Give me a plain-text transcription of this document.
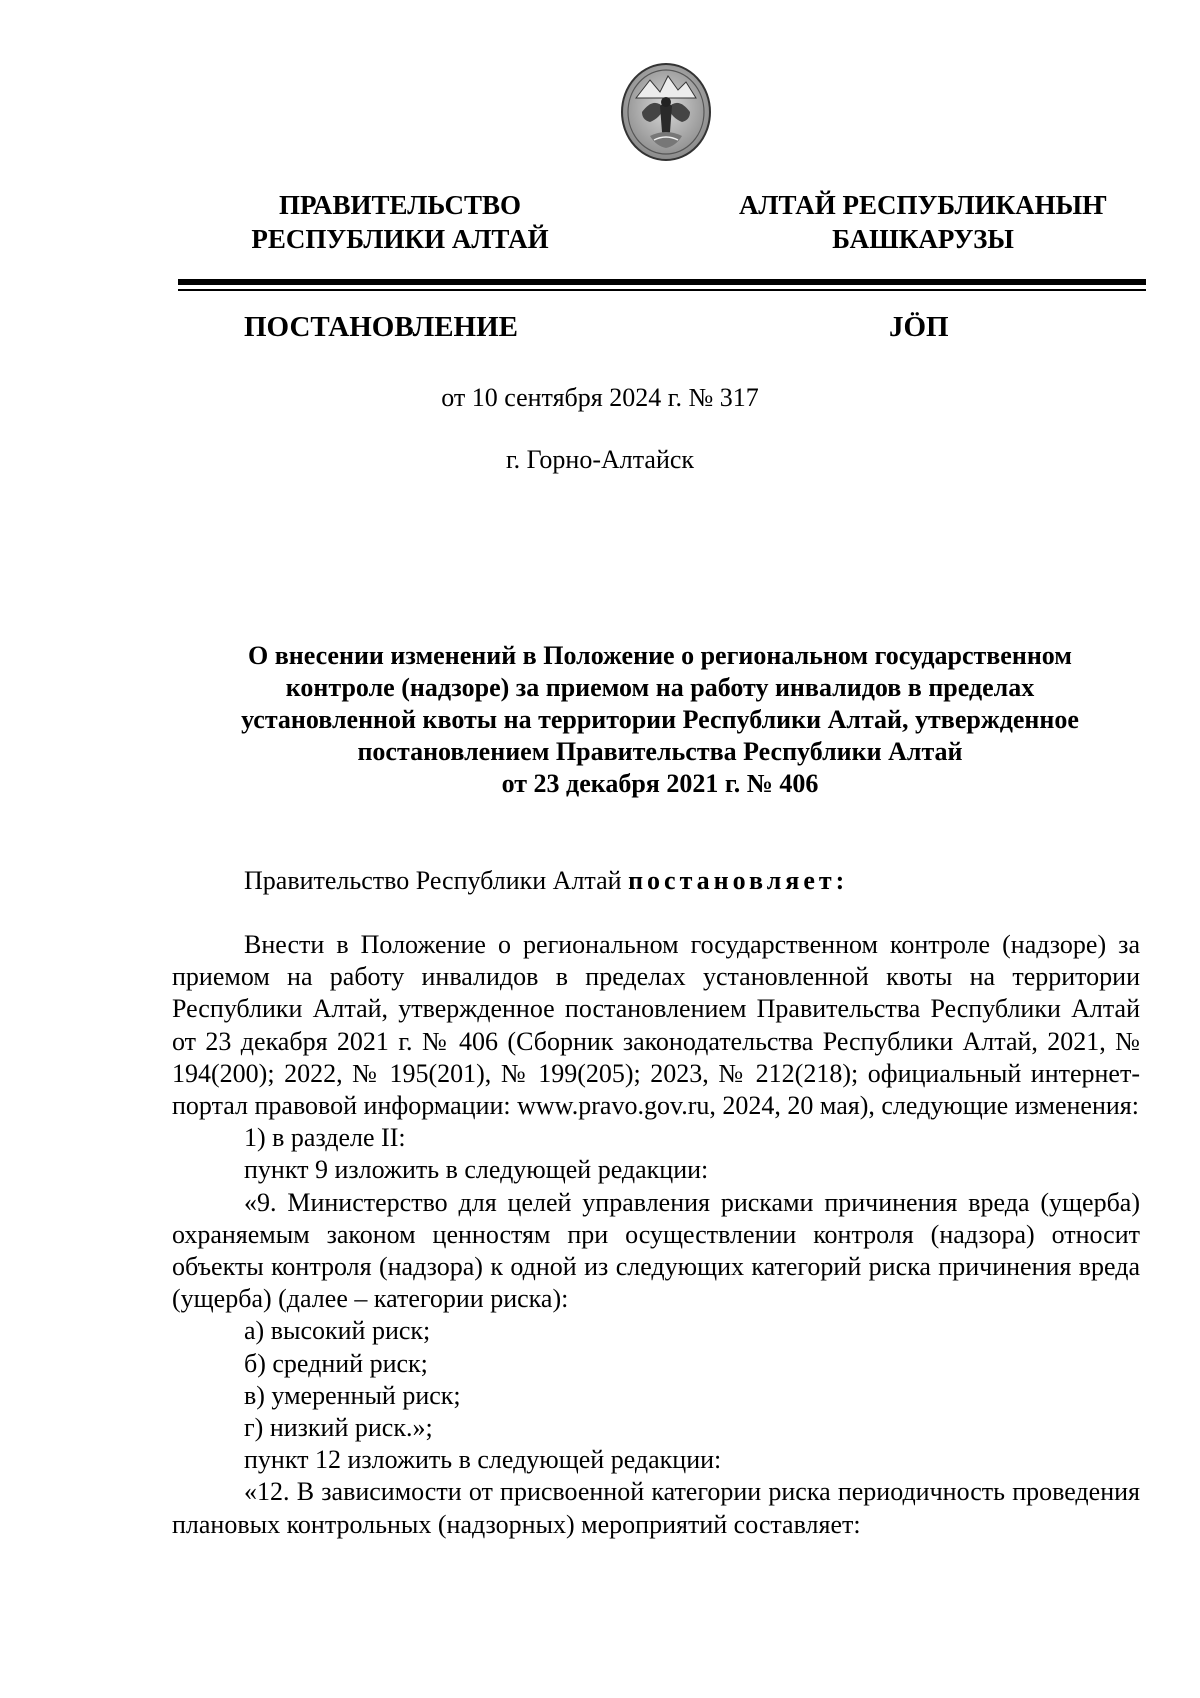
ПРАВИТЕЛЬСТВО
РЕСПУБЛИКИ АЛТАЙ
АЛТАЙ РЕСПУБЛИКАНЫҤ
БАШКАРУЗЫ
ПОСТАНОВЛЕНИЕ	JӦП
от 10 сентября 2024 г. № 317
г. Горно-Алтайск
О внесении изменений в Положение о региональном государственном
контроле (надзоре) за приемом на работу инвалидов в пределах
установленной квоты на территории Республики Алтай, утвержденное
постановлением Правительства Республики Алтай
от 23 декабря 2021 г. № 406
Правительство Республики Алтай постановляет:

Внести в Положение о региональном государственном контроле (надзоре) за приемом на работу инвалидов в пределах установленной квоты на территории Республики Алтай, утвержденное постановлением Правительства Республики Алтай от 23 декабря 2021 г. № 406 (Сборник законодательства Республики Алтай, 2021, № 194(200); 2022, № 195(201), № 199(205); 2023, № 212(218); официальный интернет-портал правовой информации: www.pravo.gov.ru, 2024, 20 мая), следующие изменения:

1) в разделе II:

пункт 9 изложить в следующей редакции:

«9. Министерство для целей управления рисками причинения вреда (ущерба) охраняемым законом ценностям при осуществлении контроля (надзора) относит объекты контроля (надзора) к одной из следующих категорий риска причинения вреда (ущерба) (далее – категории риска):

а) высокий риск;

б) средний риск;

в) умеренный риск;

г) низкий риск.»;

пункт 12 изложить в следующей редакции:

«12. В зависимости от присвоенной категории риска периодичность проведения плановых контрольных (надзорных) мероприятий составляет:
